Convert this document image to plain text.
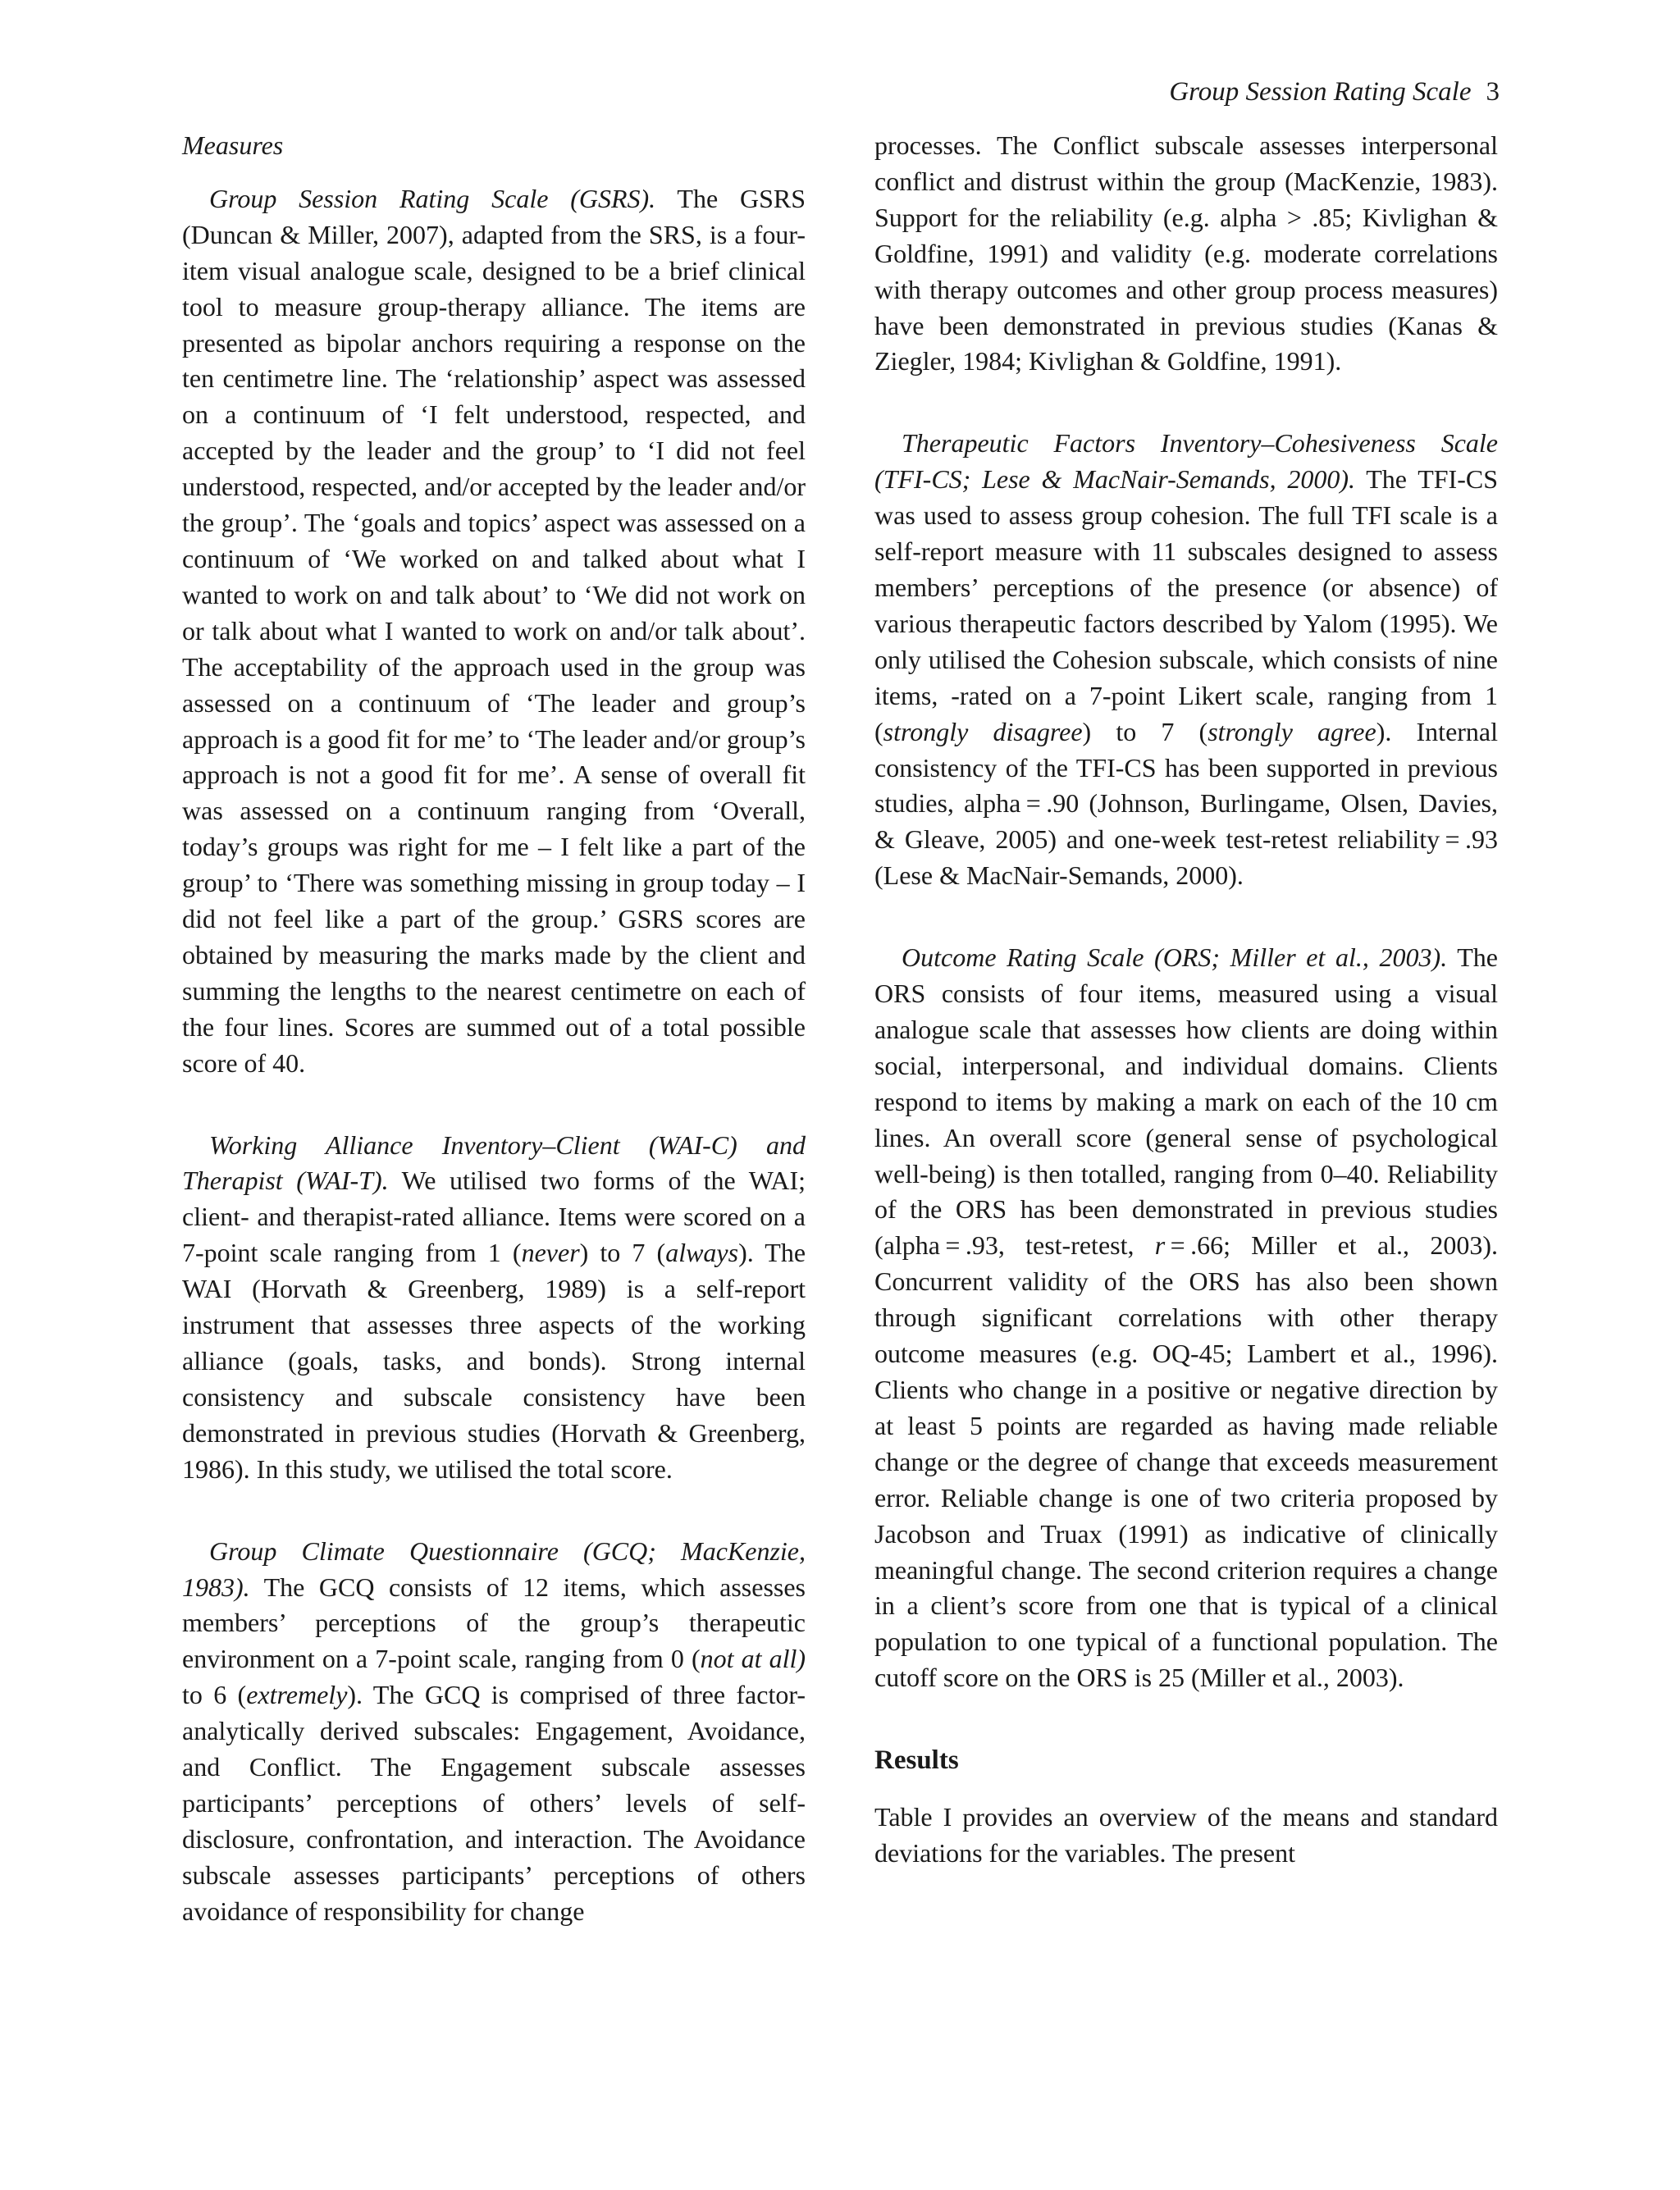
Group Session Rating Scale 3
Measures

Group Session Rating Scale (GSRS). The GSRS (Duncan & Miller, 2007), adapted from the SRS, is a four-item visual analogue scale, designed to be a brief clinical tool to measure group-therapy alliance. The items are presented as bipolar anchors requiring a response on the ten centimetre line. The ‘relationship’ aspect was assessed on a continuum of ‘I felt understood, respected, and accepted by the leader and the group’ to ‘I did not feel understood, respected, and/or accepted by the leader and/or the group’. The ‘goals and topics’ aspect was assessed on a continuum of ‘We worked on and talked about what I wanted to work on and talk about’ to ‘We did not work on or talk about what I wanted to work on and/or talk about’. The acceptability of the approach used in the group was assessed on a continuum of ‘The leader and group’s approach is a good fit for me’ to ‘The leader and/or group’s approach is not a good fit for me’. A sense of overall fit was assessed on a continuum ranging from ‘Overall, today’s groups was right for me – I felt like a part of the group’ to ‘There was something missing in group today – I did not feel like a part of the group.’ GSRS scores are obtained by measuring the marks made by the client and summing the lengths to the nearest centimetre on each of the four lines. Scores are summed out of a total possible score of 40.

Working Alliance Inventory–Client (WAI-C) and Therapist (WAI-T). We utilised two forms of the WAI; client- and therapist-rated alliance. Items were scored on a 7-point scale ranging from 1 (never) to 7 (always). The WAI (Horvath & Greenberg, 1989) is a self-report instrument that assesses three aspects of the working alliance (goals, tasks, and bonds). Strong internal consistency and subscale consistency have been demonstrated in previous studies (Horvath & Greenberg, 1986). In this study, we utilised the total score.

Group Climate Questionnaire (GCQ; MacKenzie, 1983). The GCQ consists of 12 items, which assesses members’ perceptions of the group’s therapeutic environment on a 7-point scale, ranging from 0 (not at all) to 6 (extremely). The GCQ is comprised of three factor-analytically derived subscales: Engagement, Avoidance, and Conflict. The Engagement subscale assesses participants’ perceptions of others’ levels of self- disclosure, confrontation, and interaction. The Avoidance subscale assesses participants’ perceptions of others avoidance of responsibility for change

processes. The Conflict subscale assesses interpersonal conflict and distrust within the group (MacKenzie, 1983). Support for the reliability (e.g. alpha > .85; Kivlighan & Goldfine, 1991) and validity (e.g. moderate correlations with therapy outcomes and other group process measures) have been demonstrated in previous studies (Kanas & Ziegler, 1984; Kivlighan & Goldfine, 1991).

Therapeutic Factors Inventory–Cohesiveness Scale (TFI-CS; Lese & MacNair-Semands, 2000). The TFI-CS was used to assess group cohesion. The full TFI scale is a self-report measure with 11 subscales designed to assess members’ perceptions of the presence (or absence) of various therapeutic factors described by Yalom (1995). We only utilised the Cohesion subscale, which consists of nine items, -rated on a 7-point Likert scale, ranging from 1 (strongly disagree) to 7 (strongly agree). Internal consistency of the TFI-CS has been supported in previous studies, alpha = .90 (Johnson, Burlingame, Olsen, Davies, & Gleave, 2005) and one-week test-retest reliability = .93 (Lese & MacNair-Semands, 2000).

Outcome Rating Scale (ORS; Miller et al., 2003). The ORS consists of four items, measured using a visual analogue scale that assesses how clients are doing within social, interpersonal, and individual domains. Clients respond to items by making a mark on each of the 10 cm lines. An overall score (general sense of psychological well-being) is then totalled, ranging from 0–40. Reliability of the ORS has been demonstrated in previous studies (alpha = .93, test-retest, r = .66; Miller et al., 2003). Concurrent validity of the ORS has also been shown through significant correlations with other therapy outcome measures (e.g. OQ-45; Lambert et al., 1996). Clients who change in a positive or negative direction by at least 5 points are regarded as having made reliable change or the degree of change that exceeds measurement error. Reliable change is one of two criteria proposed by Jacobson and Truax (1991) as indicative of clinically meaningful change. The second criterion requires a change in a client’s score from one that is typical of a clinical population to one typical of a functional population. The cutoff score on the ORS is 25 (Miller et al., 2003).

Results

Table I provides an overview of the means and standard deviations for the variables. The present
